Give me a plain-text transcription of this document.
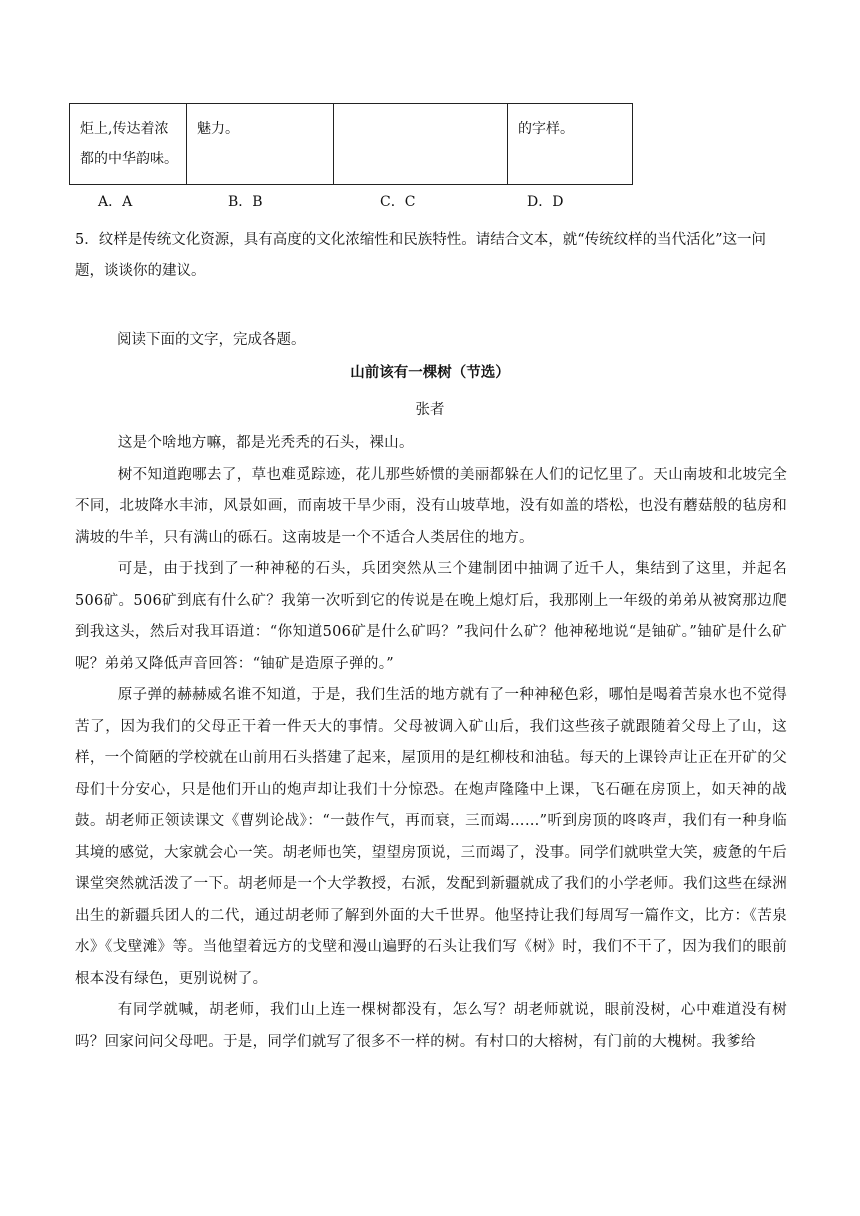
炬上,传达着浓都的中华韵味。	魅力。		的字样。
A．A	B．B	C．C	D．D
5．纹样是传统文化资源，具有高度的文化浓缩性和民族特性。请结合文本，就“传统纹样的当代活化”这一问题，谈谈你的建议。
阅读下面的文字，完成各题。
山前该有一棵树（节选）
张者

这是个啥地方嘛，都是光秃秃的石头，裸山。

树不知道跑哪去了，草也难觅踪迹，花儿那些娇惯的美丽都躲在人们的记忆里了。天山南坡和北坡完全不同，北坡降水丰沛，风景如画，而南坡干旱少雨，没有山坡草地，没有如盖的塔松，也没有蘑菇般的毡房和满坡的牛羊，只有满山的砾石。这南坡是一个不适合人类居住的地方。

可是，由于找到了一种神秘的石头，兵团突然从三个建制团中抽调了近千人，集结到了这里，并起名506矿。506矿到底有什么矿？我第一次听到它的传说是在晚上熄灯后，我那刚上一年级的弟弟从被窝那边爬到我这头，然后对我耳语道：“你知道506矿是什么矿吗？”我问什么矿？他神秘地说“是铀矿。”铀矿是什么矿呢？弟弟又降低声音回答：“铀矿是造原子弹的。”

原子弹的赫赫威名谁不知道，于是，我们生活的地方就有了一种神秘色彩，哪怕是喝着苦泉水也不觉得苦了，因为我们的父母正干着一件天大的事情。父母被调入矿山后，我们这些孩子就跟随着父母上了山，这样，一个简陋的学校就在山前用石头搭建了起来，屋顶用的是红柳枝和油毡。每天的上课铃声让正在开矿的父母们十分安心，只是他们开山的炮声却让我们十分惊恐。在炮声隆隆中上课，飞石砸在房顶上，如天神的战鼓。胡老师正领读课文《曹刿论战》：“一鼓作气，再而衰，三而竭……”听到房顶的咚咚声，我们有一种身临其境的感觉，大家就会心一笑。胡老师也笑，望望房顶说，三而竭了，没事。同学们就哄堂大笑，疲惫的午后课堂突然就活泼了一下。胡老师是一个大学教授，右派，发配到新疆就成了我们的小学老师。我们这些在绿洲出生的新疆兵团人的二代，通过胡老师了解到外面的大千世界。他坚持让我们每周写一篇作文，比方：《苦泉水》《戈壁滩》等。当他望着远方的戈壁和漫山遍野的石头让我们写《树》时，我们不干了，因为我们的眼前根本没有绿色，更别说树了。

有同学就喊，胡老师，我们山上连一棵树都没有，怎么写？胡老师就说，眼前没树，心中难道没有树吗？回家问问父母吧。于是，同学们就写了很多不一样的树。有村口的大榕树，有门前的大槐树。我爹给
